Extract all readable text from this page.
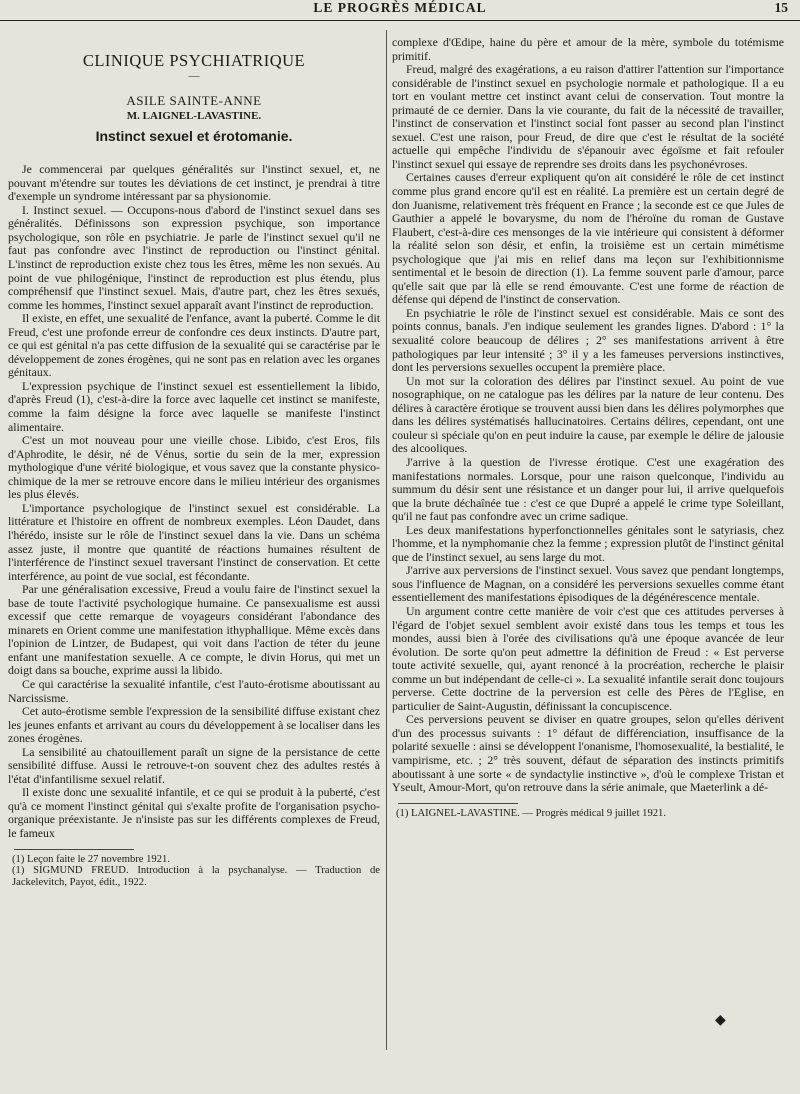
LE PROGRÈS MÉDICAL	15
CLINIQUE PSYCHIATRIQUE
—
ASILE SAINTE-ANNE
M. LAIGNEL-LAVASTINE.
Instinct sexuel et érotomanie.

Je commencerai par quelques généralités sur l'instinct sexuel, et, ne pouvant m'étendre sur toutes les déviations de cet instinct, je prendrai à titre d'exemple un syndrome intéressant par sa physionomie.

I. Instinct sexuel. — Occupons-nous d'abord de l'instinct sexuel dans ses généralités. Définissons son expression psychique, son importance psychologique, son rôle en psychiatrie. Je parle de l'instinct sexuel qu'il ne faut pas confondre avec l'instinct de reproduction ou l'instinct génital. L'instinct de reproduction existe chez tous les êtres, même les non sexués. Au point de vue philogénique, l'instinct de reproduction est plus étendu, plus compréhensif que l'instinct sexuel. Mais, d'autre part, chez les êtres sexués, comme les hommes, l'instinct sexuel apparaît avant l'instinct de reproduction.

Il existe, en effet, une sexualité de l'enfance, avant la puberté. Comme le dit Freud, c'est une profonde erreur de confondre ces deux instincts. D'autre part, ce qui est génital n'a pas cette diffusion de la sexualité qui se caractérise par le développement de zones érogènes, qui ne sont pas en relation avec les organes génitaux.

L'expression psychique de l'instinct sexuel est essentiellement la libido, d'après Freud (1), c'est-à-dire la force avec laquelle cet instinct se manifeste, comme la faim désigne la force avec laquelle se manifeste l'instinct alimentaire.

C'est un mot nouveau pour une vieille chose. Libido, c'est Eros, fils d'Aphrodite, le désir, né de Vénus, sortie du sein de la mer, expression mythologique d'une vérité biologique, et vous savez que la constante physico-chimique de la mer se retrouve encore dans le milieu intérieur des organismes les plus élevés.

L'importance psychologique de l'instinct sexuel est considérable. La littérature et l'histoire en offrent de nombreux exemples. Léon Daudet, dans l'hérédo, insiste sur le rôle de l'instinct sexuel dans la vie. Dans un schéma assez juste, il montre que quantité de réactions humaines résultent de l'interférence de l'instinct sexuel traversant l'instinct de conservation. Et cette interférence, au point de vue social, est fécondante.

Par une généralisation excessive, Freud a voulu faire de l'instinct sexuel la base de toute l'activité psychologique humaine. Ce pansexualisme est aussi excessif que cette remarque de voyageurs considérant l'abondance des minarets en Orient comme une manifestation ithyphallique. Même excès dans l'opinion de Lintzer, de Budapest, qui voit dans l'action de téter du jeune enfant une manifestation sexuelle. A ce compte, le divin Horus, qui met un doigt dans sa bouche, exprime aussi la libido.

Ce qui caractérise la sexualité infantile, c'est l'auto-érotisme aboutissant au Narcissisme.

Cet auto-érotisme semble l'expression de la sensibilité diffuse existant chez les jeunes enfants et arrivant au cours du développement à se localiser dans les zones érogènes.

La sensibilité au chatouillement paraît un signe de la persistance de cette sensibilité diffuse. Aussi le retrouve-t-on souvent chez des adultes restés à l'état d'infantilisme sexuel relatif.

Il existe donc une sexualité infantile, et ce qui se produit à la puberté, c'est qu'à ce moment l'instinct génital qui s'exalte profite de l'organisation psycho-organique préexistante. Je n'insiste pas sur les différents complexes de Freud, le fameux

(1) Leçon faite le 27 novembre 1921.

(1) SIGMUND FREUD. Introduction à la psychanalyse. — Traduction de Jackelevitch, Payot, édit., 1922.

complexe d'Œdipe, haine du père et amour de la mère, symbole du totémisme primitif.

Freud, malgré des exagérations, a eu raison d'attirer l'attention sur l'importance considérable de l'instinct sexuel en psychologie normale et pathologique. Il a eu tort en voulant mettre cet instinct avant celui de conservation. Tout montre la primauté de ce dernier. Dans la vie courante, du fait de la nécessité de travailler, l'instinct de conservation et l'instinct social font passer au second plan l'instinct sexuel. C'est une raison, pour Freud, de dire que c'est le résultat de la société actuelle qui empêche l'individu de s'épanouir avec égoïsme et fait refouler l'instinct sexuel qui essaye de reprendre ses droits dans les psychonévroses.

Certaines causes d'erreur expliquent qu'on ait considéré le rôle de cet instinct comme plus grand encore qu'il est en réalité. La première est un certain degré de don Juanisme, relativement très fréquent en France ; la seconde est ce que Jules de Gauthier a appelé le bovarysme, du nom de l'héroïne du roman de Gustave Flaubert, c'est-à-dire ces mensonges de la vie intérieure qui consistent à déformer la réalité selon son désir, et enfin, la troisième est un certain mimétisme psychologique que j'ai mis en relief dans ma leçon sur l'exhibitionnisme sentimental et le besoin de direction (1). La femme souvent parle d'amour, parce qu'elle sait que par là elle se rend émouvante. C'est une forme de réaction de défense qui dépend de l'instinct de conservation.

En psychiatrie le rôle de l'instinct sexuel est considérable. Mais ce sont des points connus, banals. J'en indique seulement les grandes lignes. D'abord : 1° la sexualité colore beaucoup de délires ; 2° ses manifestations arrivent à être pathologiques par leur intensité ; 3° il y a les fameuses perversions instinctives, dont les perversions sexuelles occupent la première place.

Un mot sur la coloration des délires par l'instinct sexuel. Au point de vue nosographique, on ne catalogue pas les délires par la nature de leur contenu. Des délires à caractère érotique se trouvent aussi bien dans les délires polymorphes que dans les délires systématisés hallucinatoires. Certains délires, cependant, ont une couleur si spéciale qu'on en peut induire la cause, par exemple le délire de jalousie des alcooliques.

J'arrive à la question de l'ivresse érotique. C'est une exagération des manifestations normales. Lorsque, pour une raison quelconque, l'individu au summum du désir sent une résistance et un danger pour lui, il arrive quelquefois que la brute déchaînée tue : c'est ce que Dupré a appelé le crime type Soleillant, qu'il ne faut pas confondre avec un crime sadique.

Les deux manifestations hyperfonctionnelles génitales sont le satyriasis, chez l'homme, et la nymphomanie chez la femme ; expression plutôt de l'instinct génital que de l'instinct sexuel, au sens large du mot.

J'arrive aux perversions de l'instinct sexuel. Vous savez que pendant longtemps, sous l'influence de Magnan, on a considéré les perversions sexuelles comme étant essentiellement des manifestations épisodiques de la dégénérescence mentale.

Un argument contre cette manière de voir c'est que ces attitudes perverses à l'égard de l'objet sexuel semblent avoir existé dans tous les temps et tous les mondes, aussi bien à l'orée des civilisations qu'à une époque avancée de leur évolution. De sorte qu'on peut admettre la définition de Freud : « Est perverse toute activité sexuelle, qui, ayant renoncé à la procréation, recherche le plaisir comme un but indépendant de celle-ci ». La sexualité infantile serait donc toujours perverse. Cette doctrine de la perversion est celle des Pères de l'Eglise, en particulier de Saint-Augustin, définissant la concupiscence.

Ces perversions peuvent se diviser en quatre groupes, selon qu'elles dérivent d'un des processus suivants : 1° défaut de différenciation, insuffisance de la polarité sexuelle : ainsi se développent l'onanisme, l'homosexualité, la bestialité, le vampirisme, etc. ; 2° très souvent, défaut de séparation des instincts primitifs aboutissant à une sorte « de syndactylie instinctive », d'où le complexe Tristan et Yseult, Amour-Mort, qu'on retrouve dans la série animale, que Maeterlink a dé-

(1) LAIGNEL-LAVASTINE. — Progrès médical 9 juillet 1921.

◆
